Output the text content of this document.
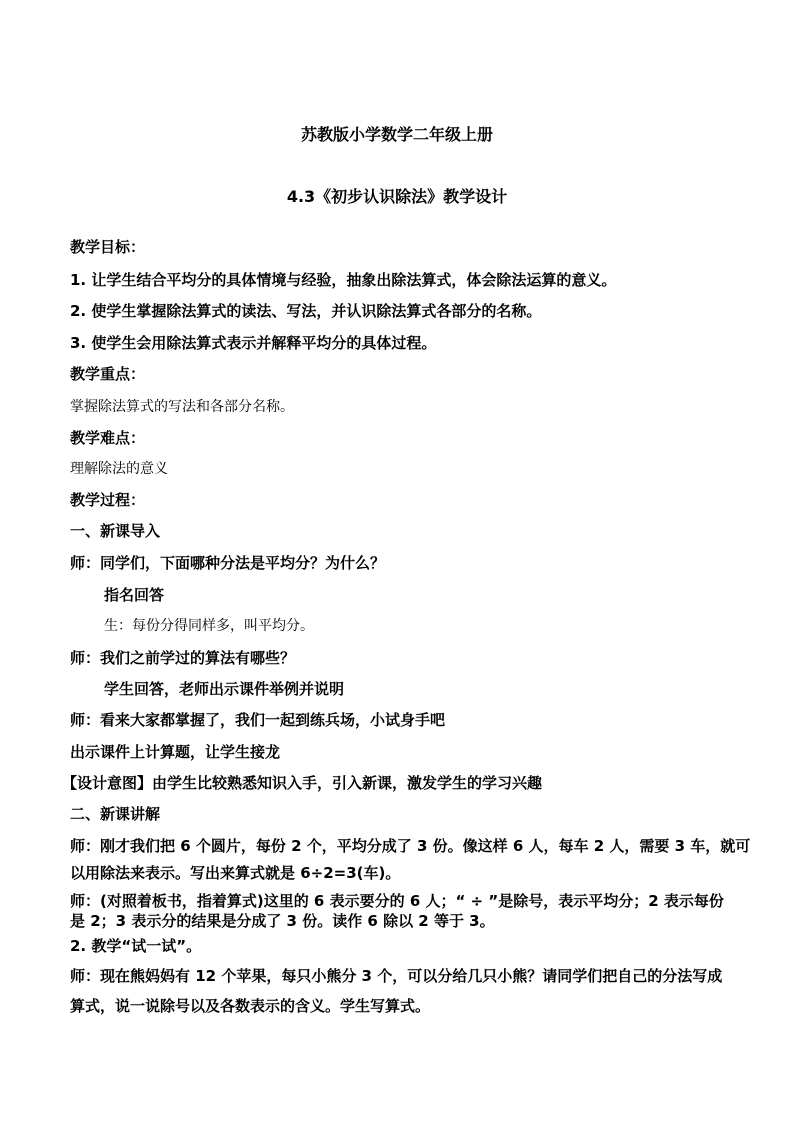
苏教版小学数学二年级上册
4.3《初步认识除法》教学设计
教学目标：
1. 让学生结合平均分的具体情境与经验，抽象出除法算式，体会除法运算的意义。
2. 使学生掌握除法算式的读法、写法，并认识除法算式各部分的名称。
3. 使学生会用除法算式表示并解释平均分的具体过程。
教学重点：
掌握除法算式的写法和各部分名称。
教学难点：
理解除法的意义
教学过程：
一、新课导入
师：同学们，下面哪种分法是平均分？为什么？
指名回答
生：每份分得同样多，叫平均分。
师：我们之前学过的算法有哪些？
学生回答，老师出示课件举例并说明
师：看来大家都掌握了，我们一起到练兵场，小试身手吧
出示课件上计算题，让学生接龙
【设计意图】由学生比较熟悉知识入手，引入新课，激发学生的学习兴趣
二、新课讲解
师：刚才我们把 6 个圆片，每份 2 个，平均分成了 3 份。像这样 6 人，每车 2 人，需要 3 车，就可
以用除法来表示。写出来算式就是 6÷2=3(车)。
师：(对照着板书，指着算式)这里的 6 表示要分的 6 人；“ ÷ ”是除号，表示平均分；2 表示每份
是 2；3 表示分的结果是分成了 3 份。读作 6 除以 2 等于 3。
2. 教学“试一试”。
师：现在熊妈妈有 12 个苹果，每只小熊分 3 个，可以分给几只小熊？请同学们把自己的分法写成
算式，说一说除号以及各数表示的含义。学生写算式。
